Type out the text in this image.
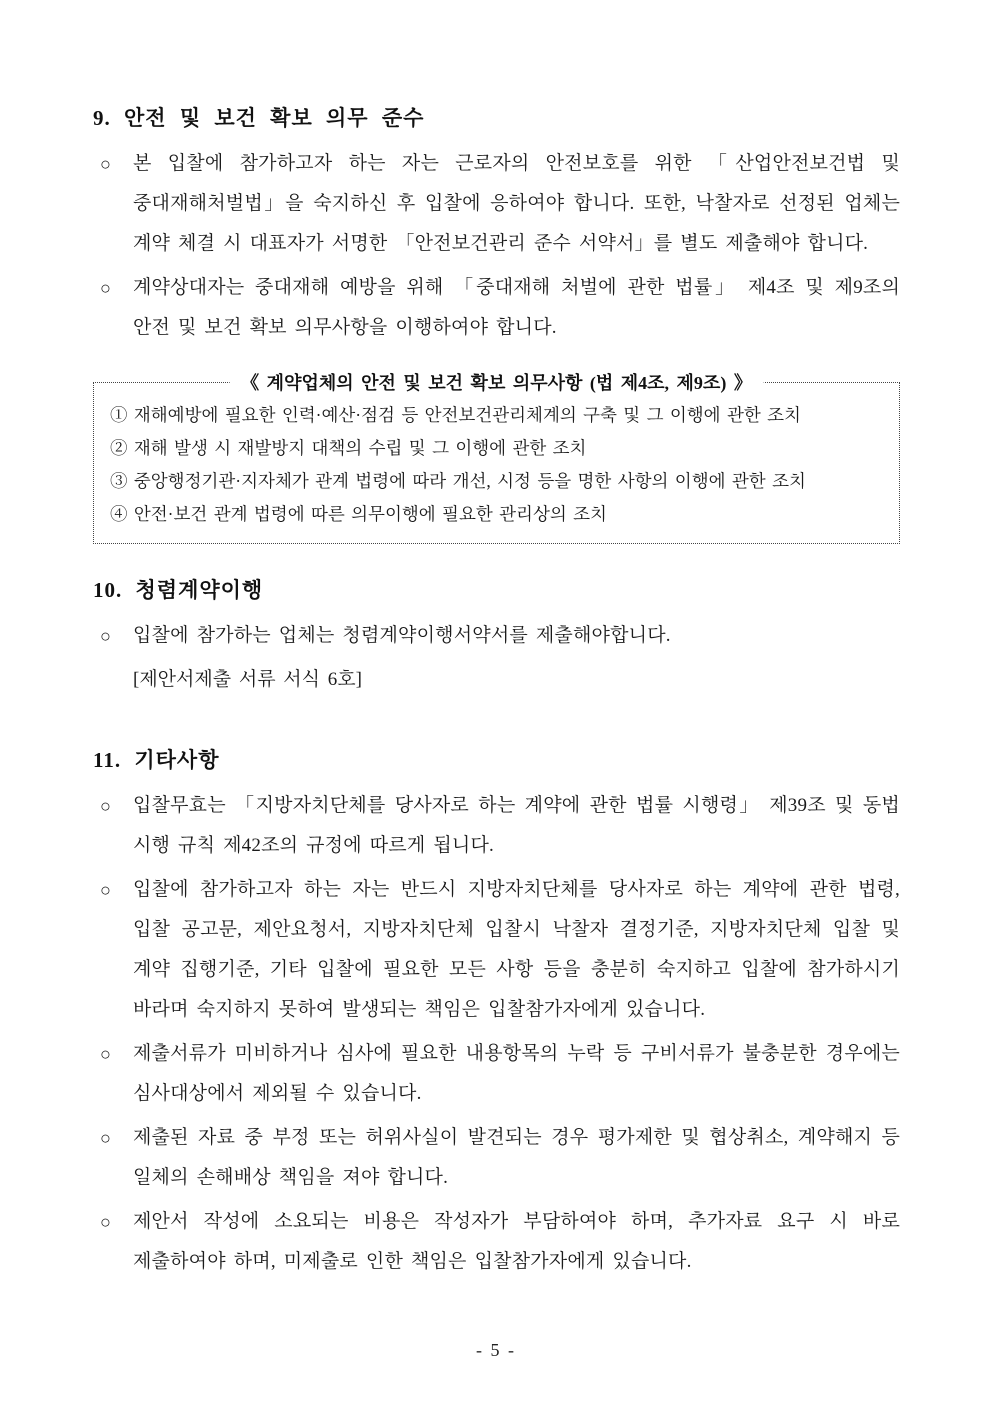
9. 안전 및 보건 확보 의무 준수
○	본 입찰에 참가하고자 하는 자는 근로자의 안전보호를 위한 「산업안전보건법 및 중대재해처벌법」을 숙지하신 후 입찰에 응하여야 합니다. 또한, 낙찰자로 선정된 업체는 계약 체결 시 대표자가 서명한 「안전보건관리 준수 서약서」를 별도 제출해야 합니다.

○	계약상대자는 중대재해 예방을 위해 「중대재해 처벌에 관한 법률」 제4조 및 제9조의 안전 및 보건 확보 의무사항을 이행하여야 합니다.

《 계약업체의 안전 및 보건 확보 의무사항 (법 제4조, 제9조) 》

① 재해예방에 필요한 인력·예산·점검 등 안전보건관리체계의 구축 및 그 이행에 관한 조치

② 재해 발생 시 재발방지 대책의 수립 및 그 이행에 관한 조치

③ 중앙행정기관·지자체가 관계 법령에 따라 개선, 시정 등을 명한 사항의 이행에 관한 조치

④ 안전·보건 관계 법령에 따른 의무이행에 필요한 관리상의 조치

10. 청렴계약이행
○	입찰에 참가하는 업체는 청렴계약이행서약서를 제출해야합니다.

[제안서제출 서류 서식 6호]

11. 기타사항
○	입찰무효는 「지방자치단체를 당사자로 하는 계약에 관한 법률 시행령」 제39조 및 동법 시행 규칙 제42조의 규정에 따르게 됩니다.

○	입찰에 참가하고자 하는 자는 반드시 지방자치단체를 당사자로 하는 계약에 관한 법령, 입찰 공고문, 제안요청서, 지방자치단체 입찰시 낙찰자 결정기준, 지방자치단체 입찰 및 계약 집행기준, 기타 입찰에 필요한 모든 사항 등을 충분히 숙지하고 입찰에 참가하시기 바라며 숙지하지 못하여 발생되는 책임은 입찰참가자에게 있습니다.

○	제출서류가 미비하거나 심사에 필요한 내용항목의 누락 등 구비서류가 불충분한 경우에는 심사대상에서 제외될 수 있습니다.

○	제출된 자료 중 부정 또는 허위사실이 발견되는 경우 평가제한 및 협상취소, 계약해지 등 일체의 손해배상 책임을 져야 합니다.

○	제안서 작성에 소요되는 비용은 작성자가 부담하여야 하며, 추가자료 요구 시 바로 제출하여야 하며, 미제출로 인한 책임은 입찰참가자에게 있습니다.

- 5 -
